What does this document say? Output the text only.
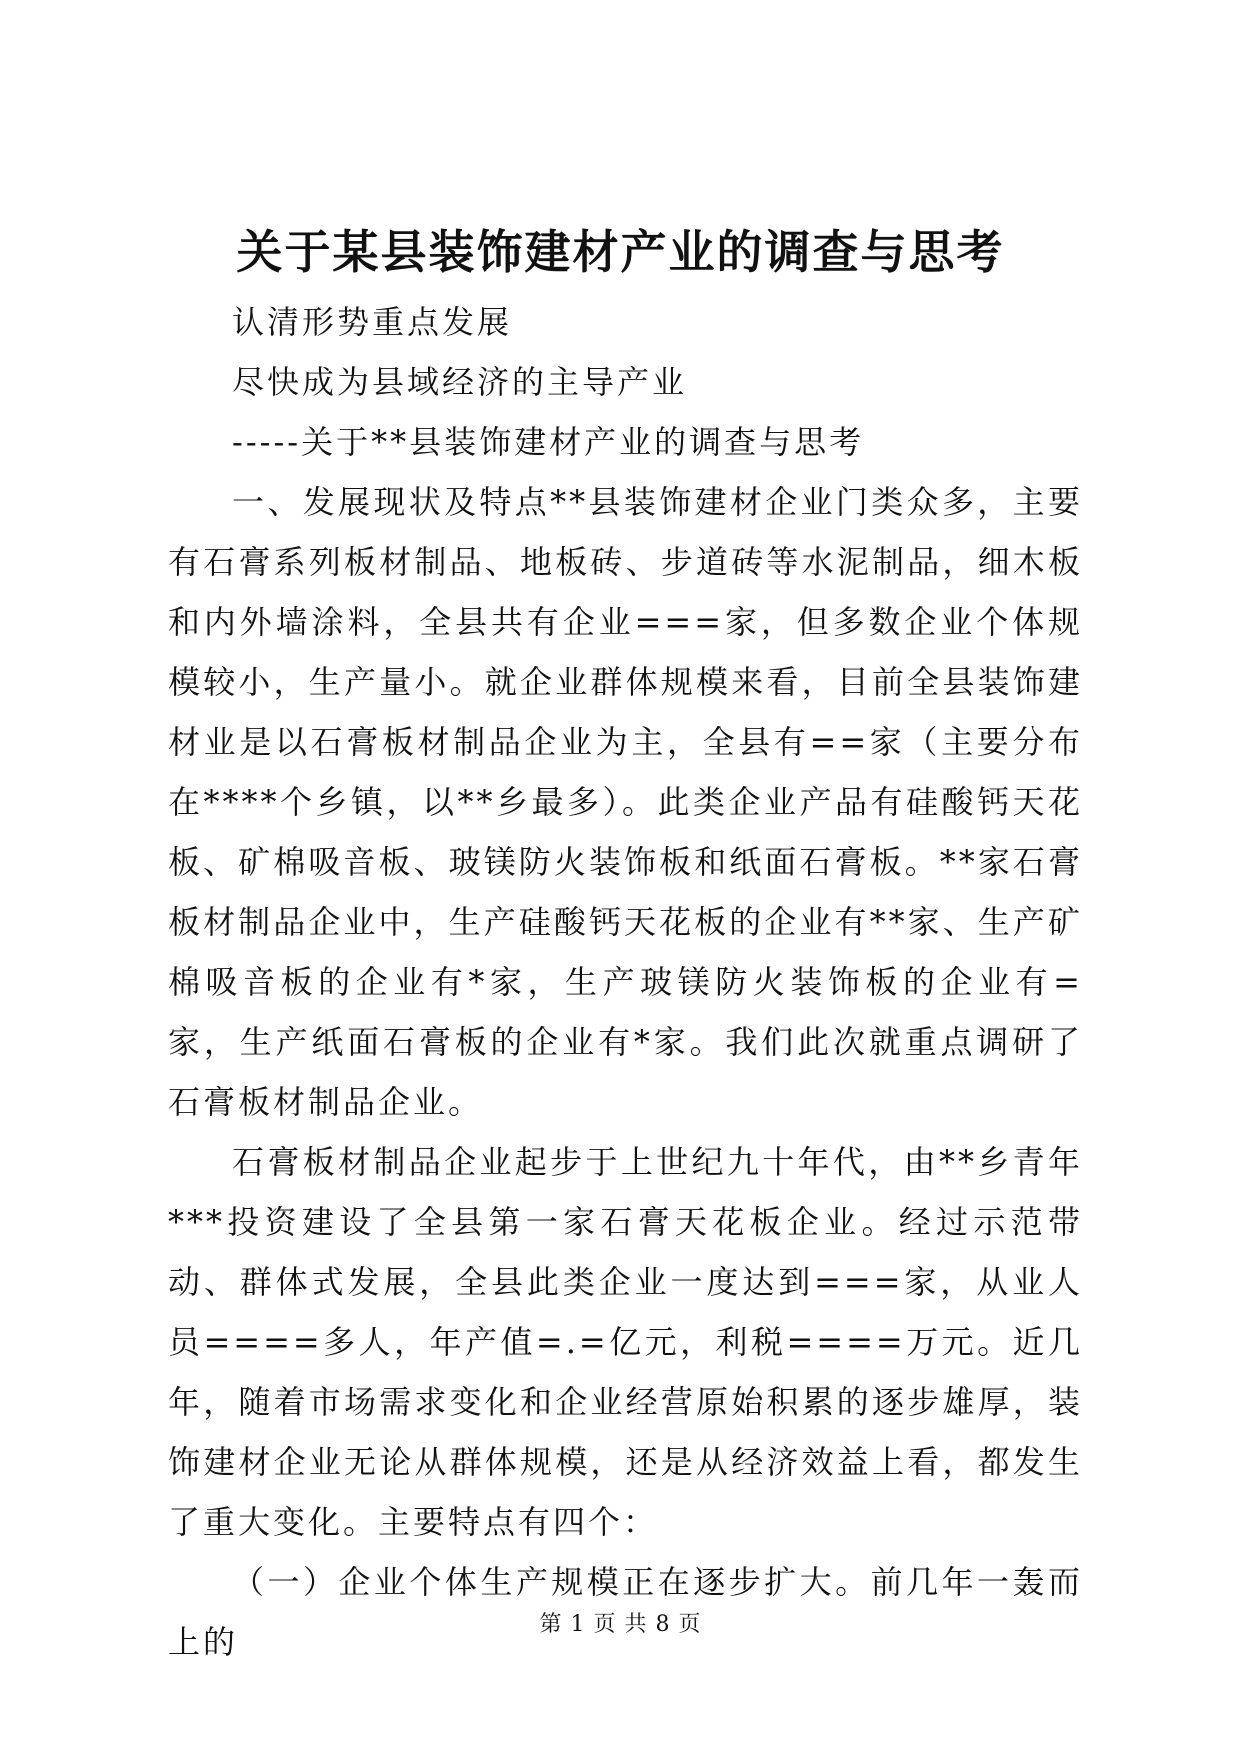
关于某县装饰建材产业的调查与思考

认清形势重点发展

尽快成为县域经济的主导产业

-----关于**县装饰建材产业的调查与思考

一、发展现状及特点**县装饰建材企业门类众多，主要有石膏系列板材制品、地板砖、步道砖等水泥制品，细木板和内外墙涂料，全县共有企业===家，但多数企业个体规模较小，生产量小。就企业群体规模来看，目前全县装饰建材业是以石膏板材制品企业为主，全县有==家（主要分布在****个乡镇，以**乡最多）。此类企业产品有硅酸钙天花板、矿棉吸音板、玻镁防火装饰板和纸面石膏板。**家石膏板材制品企业中，生产硅酸钙天花板的企业有**家、生产矿棉吸音板的企业有*家，生产玻镁防火装饰板的企业有=家，生产纸面石膏板的企业有*家。我们此次就重点调研了石膏板材制品企业。

石膏板材制品企业起步于上世纪九十年代，由**乡青年***投资建设了全县第一家石膏天花板企业。经过示范带动、群体式发展，全县此类企业一度达到===家，从业人员====多人，年产值=.=亿元，利税====万元。近几年，随着市场需求变化和企业经营原始积累的逐步雄厚，装饰建材企业无论从群体规模，还是从经济效益上看，都发生了重大变化。主要特点有四个：

（一）企业个体生产规模正在逐步扩大。前几年一轰而上的	第 1 页 共 8 页
